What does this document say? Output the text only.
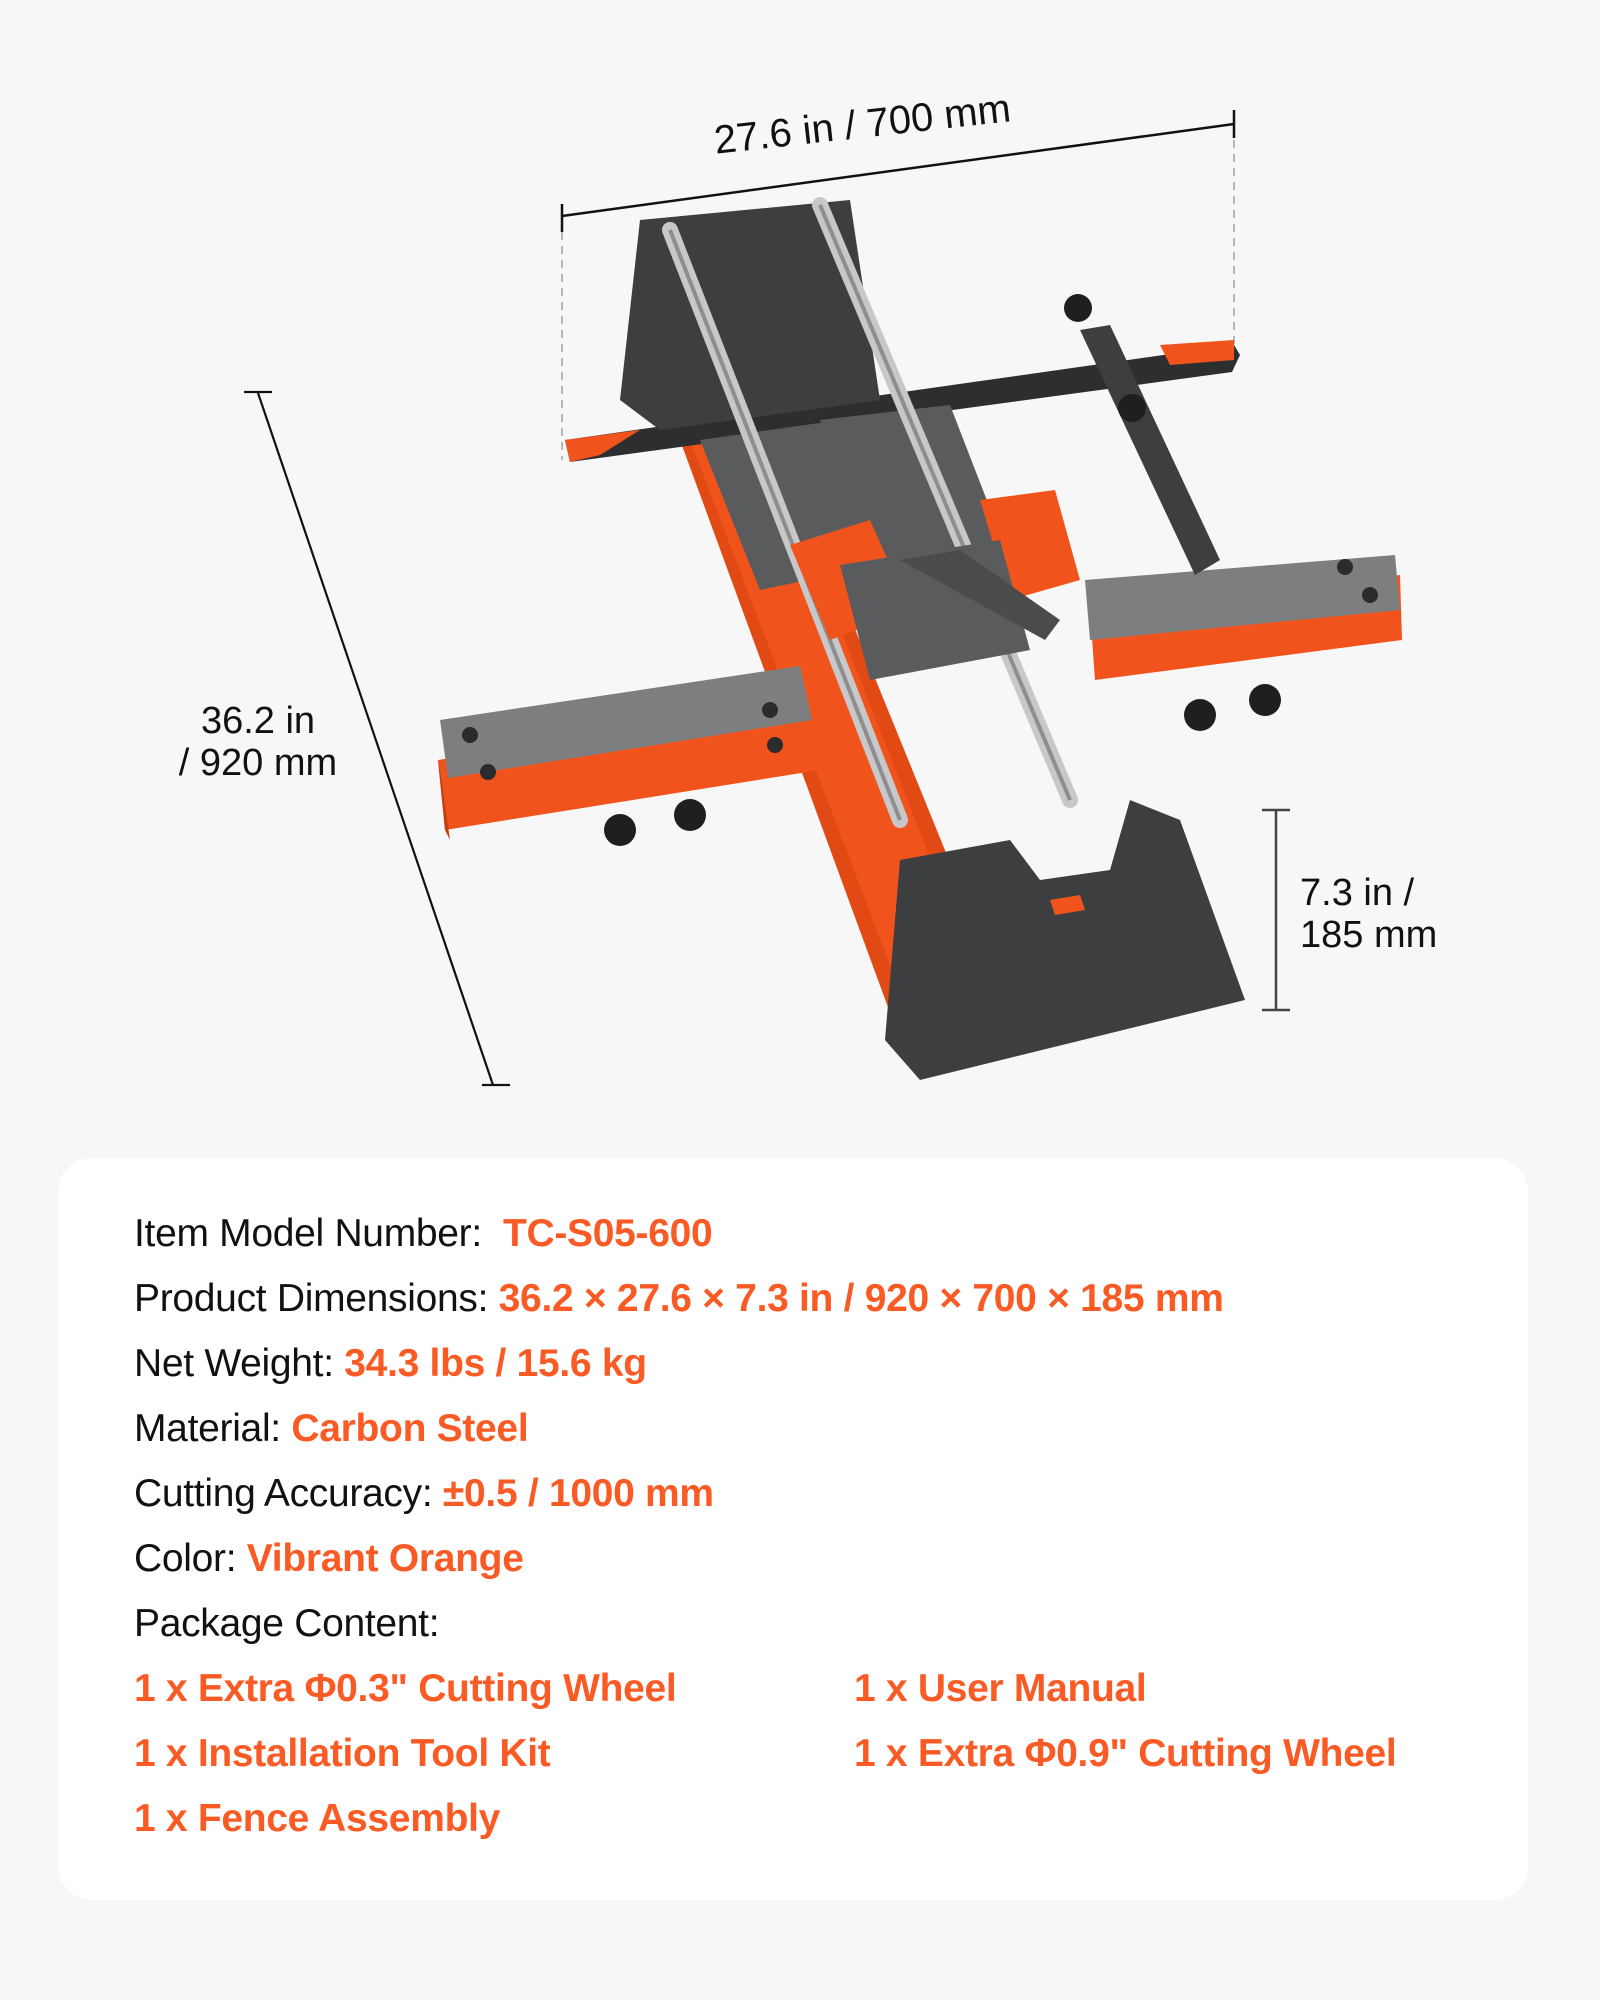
27.6 in / 700 mm
36.2 in
/ 920 mm
7.3 in /
185 mm
Item Model Number: TC-S05-600
Product Dimensions: 36.2 × 27.6 × 7.3 in / 920 × 700 × 185 mm
Net Weight: 34.3 lbs / 15.6 kg
Material: Carbon Steel
Cutting Accuracy: ±0.5 / 1000 mm
Color: Vibrant Orange
Package Content:
1 x Extra Φ0.3" Cutting Wheel	1 x User Manual
1 x Installation Tool Kit	1 x Extra Φ0.9" Cutting Wheel
1 x Fence Assembly
